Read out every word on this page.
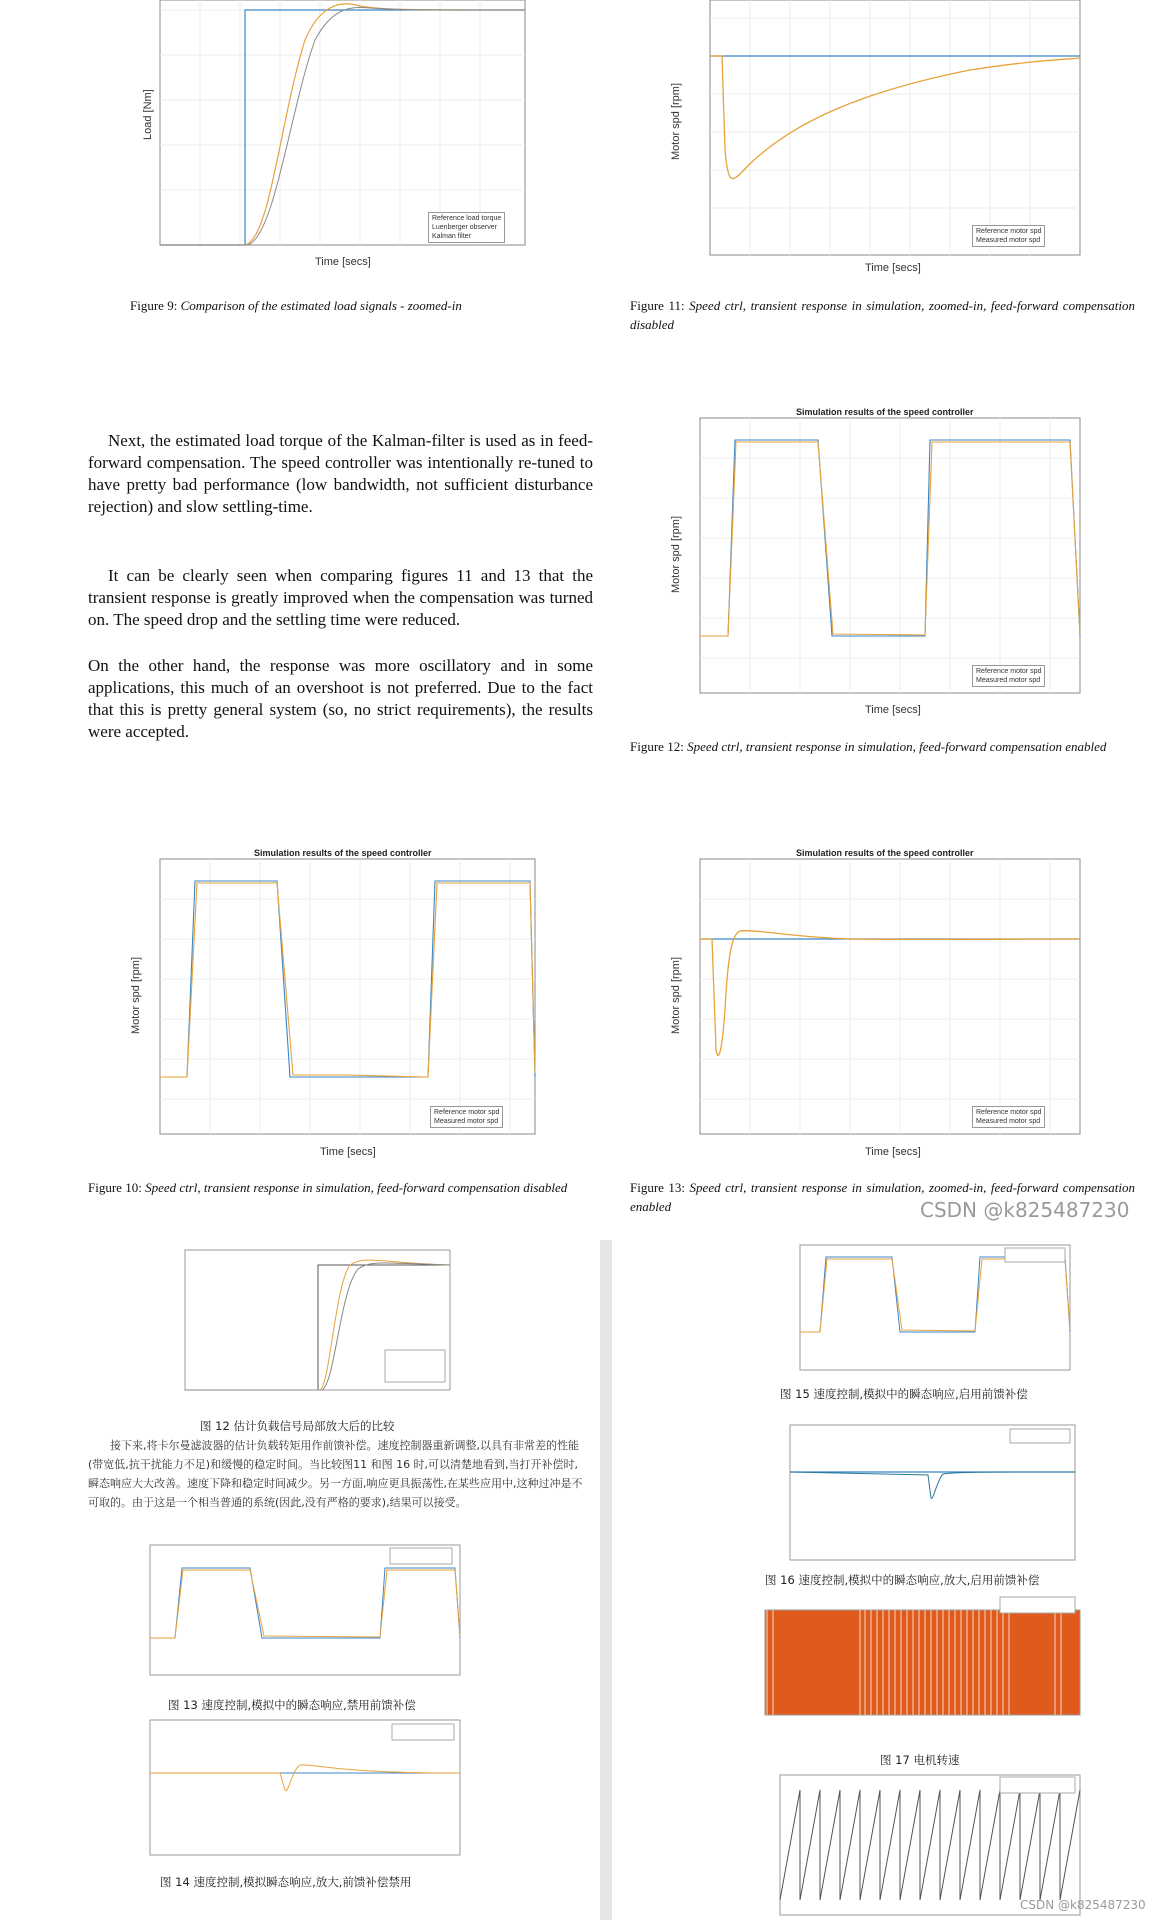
Reference load torque
Luenberger observer
Kalman filter
Load [Nm]
Time [secs]
Figure 9: Comparison of the estimated load signals - zoomed-in
Reference motor spd
Measured motor spd
Motor spd [rpm]
Time [secs]
Figure 11: Speed ctrl, transient response in simulation, zoomed-in, feed-forward compensation disabled
Next, the estimated load torque of the Kalman-filter is used as in feed-forward compensation. The speed controller was intentionally re-tuned to have pretty bad performance (low bandwidth, not sufficient disturbance rejection) and slow settling-time.
It can be clearly seen when comparing figures 11 and 13 that the transient response is greatly improved when the compensation was turned on. The speed drop and the settling time were reduced.
On the other hand, the response was more oscillatory and in some applications, this much of an overshoot is not preferred. Due to the fact that this is pretty general system (so, no strict requirements), the results were accepted.
Simulation results of the speed controller
Reference motor spd
Measured motor spd
Motor spd [rpm]
Time [secs]
Figure 12: Speed ctrl, transient response in simulation, feed-forward compensation enabled
Simulation results of the speed controller
Reference motor spd
Measured motor spd
Motor spd [rpm]
Time [secs]
Figure 10: Speed ctrl, transient response in simulation, feed-forward compensation disabled
Simulation results of the speed controller
Reference motor spd
Measured motor spd
Motor spd [rpm]
Time [secs]
Figure 13: Speed ctrl, transient response in simulation, zoomed-in, feed-forward compensation enabled	CSDN @k825487230
图 12 估计负载信号局部放大后的比较
接下来,将卡尔曼滤波器的估计负载转矩用作前馈补偿。速度控制器重新调整,以具有非常差的性能(带宽低,抗干扰能力不足)和缓慢的稳定时间。当比较图11 和图 16 时,可以清楚地看到,当打开补偿时,瞬态响应大大改善。速度下降和稳定时间减少。另一方面,响应更具振荡性,在某些应用中,这种过冲是不可取的。由于这是一个相当普通的系统(因此,没有严格的要求),结果可以接受。
图 13 速度控制,模拟中的瞬态响应,禁用前馈补偿
图 14 速度控制,模拟瞬态响应,放大,前馈补偿禁用
图 15 速度控制,模拟中的瞬态响应,启用前馈补偿
图 16 速度控制,模拟中的瞬态响应,放大,启用前馈补偿
图 17 电机转速
CSDN @k825487230
